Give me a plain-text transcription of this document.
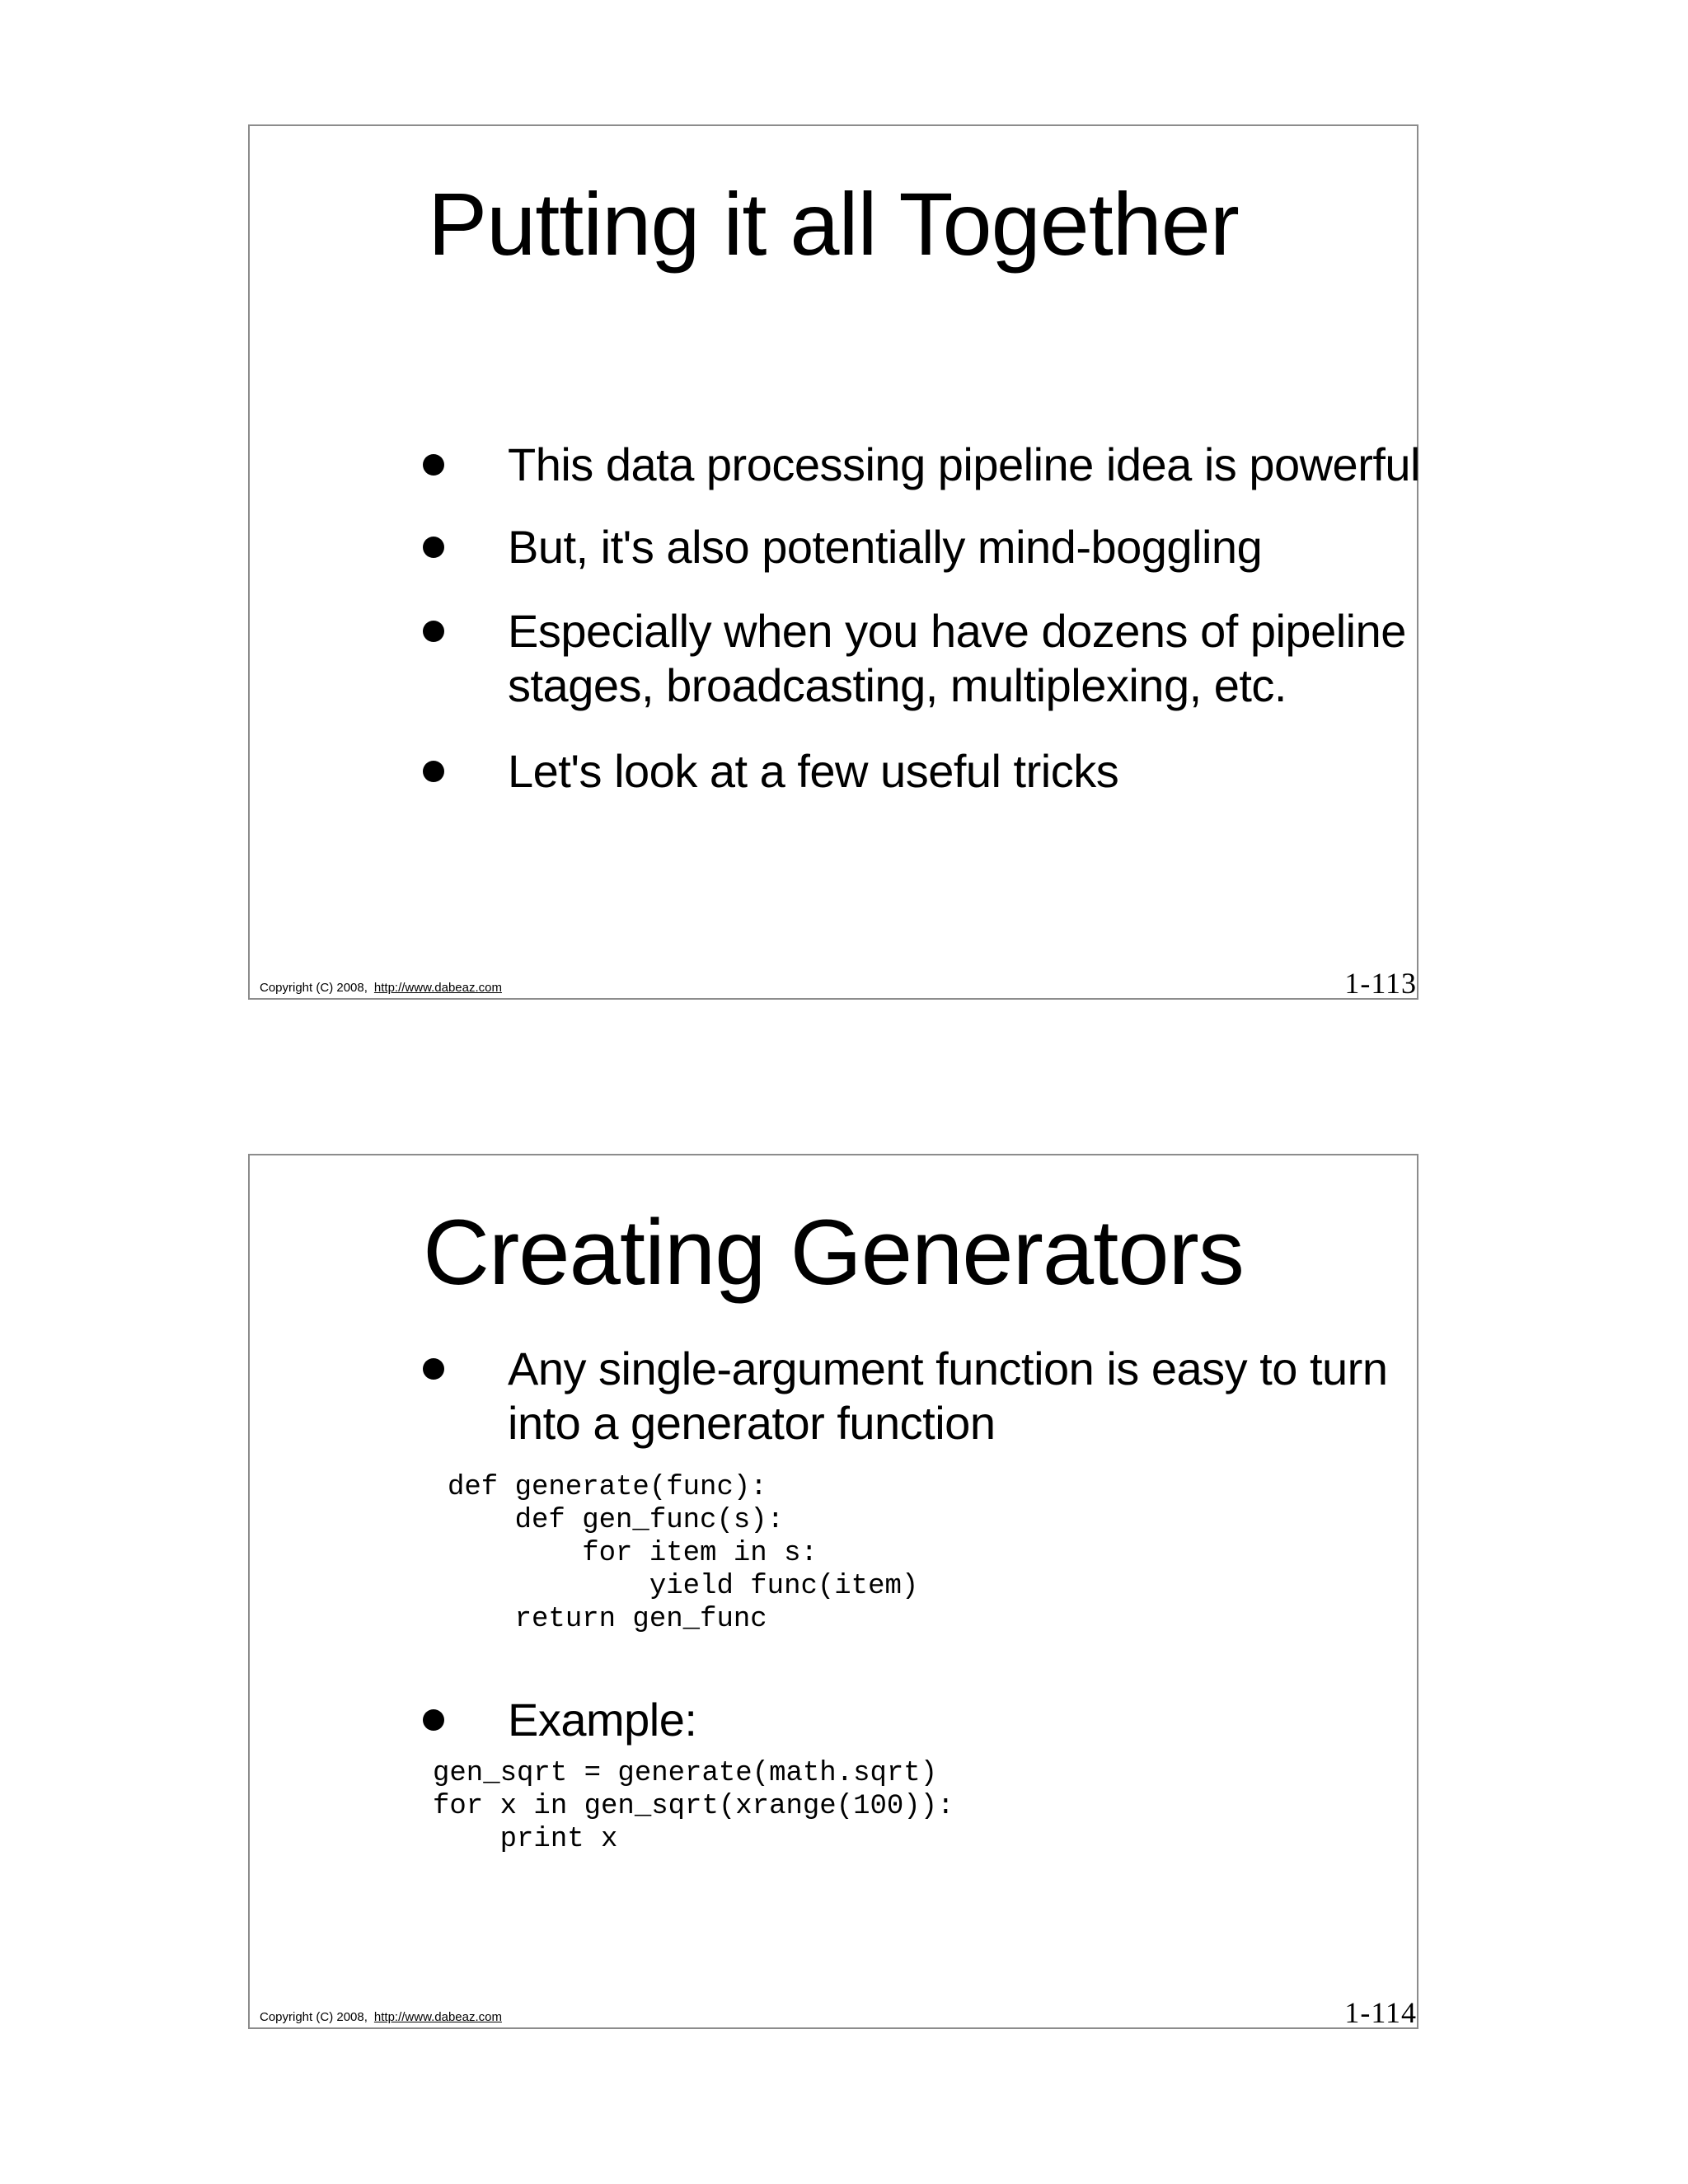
Putting it all Together
This data processing pipeline idea is powerful
But, it's also potentially mind-boggling
Especially when you have dozens of pipeline
stages, broadcasting, multiplexing, etc.
Let's look at a few useful tricks
Copyright (C) 2008, http://www.dabeaz.com	1-113
Creating Generators
Any single-argument function is easy to turn
into a generator function
def generate(func):
def gen_func(s):
for item in s:
yield func(item)
return gen_func
Example:
gen_sqrt = generate(math.sqrt)
for x in gen_sqrt(xrange(100)):
print x
Copyright (C) 2008, http://www.dabeaz.com	1-114
